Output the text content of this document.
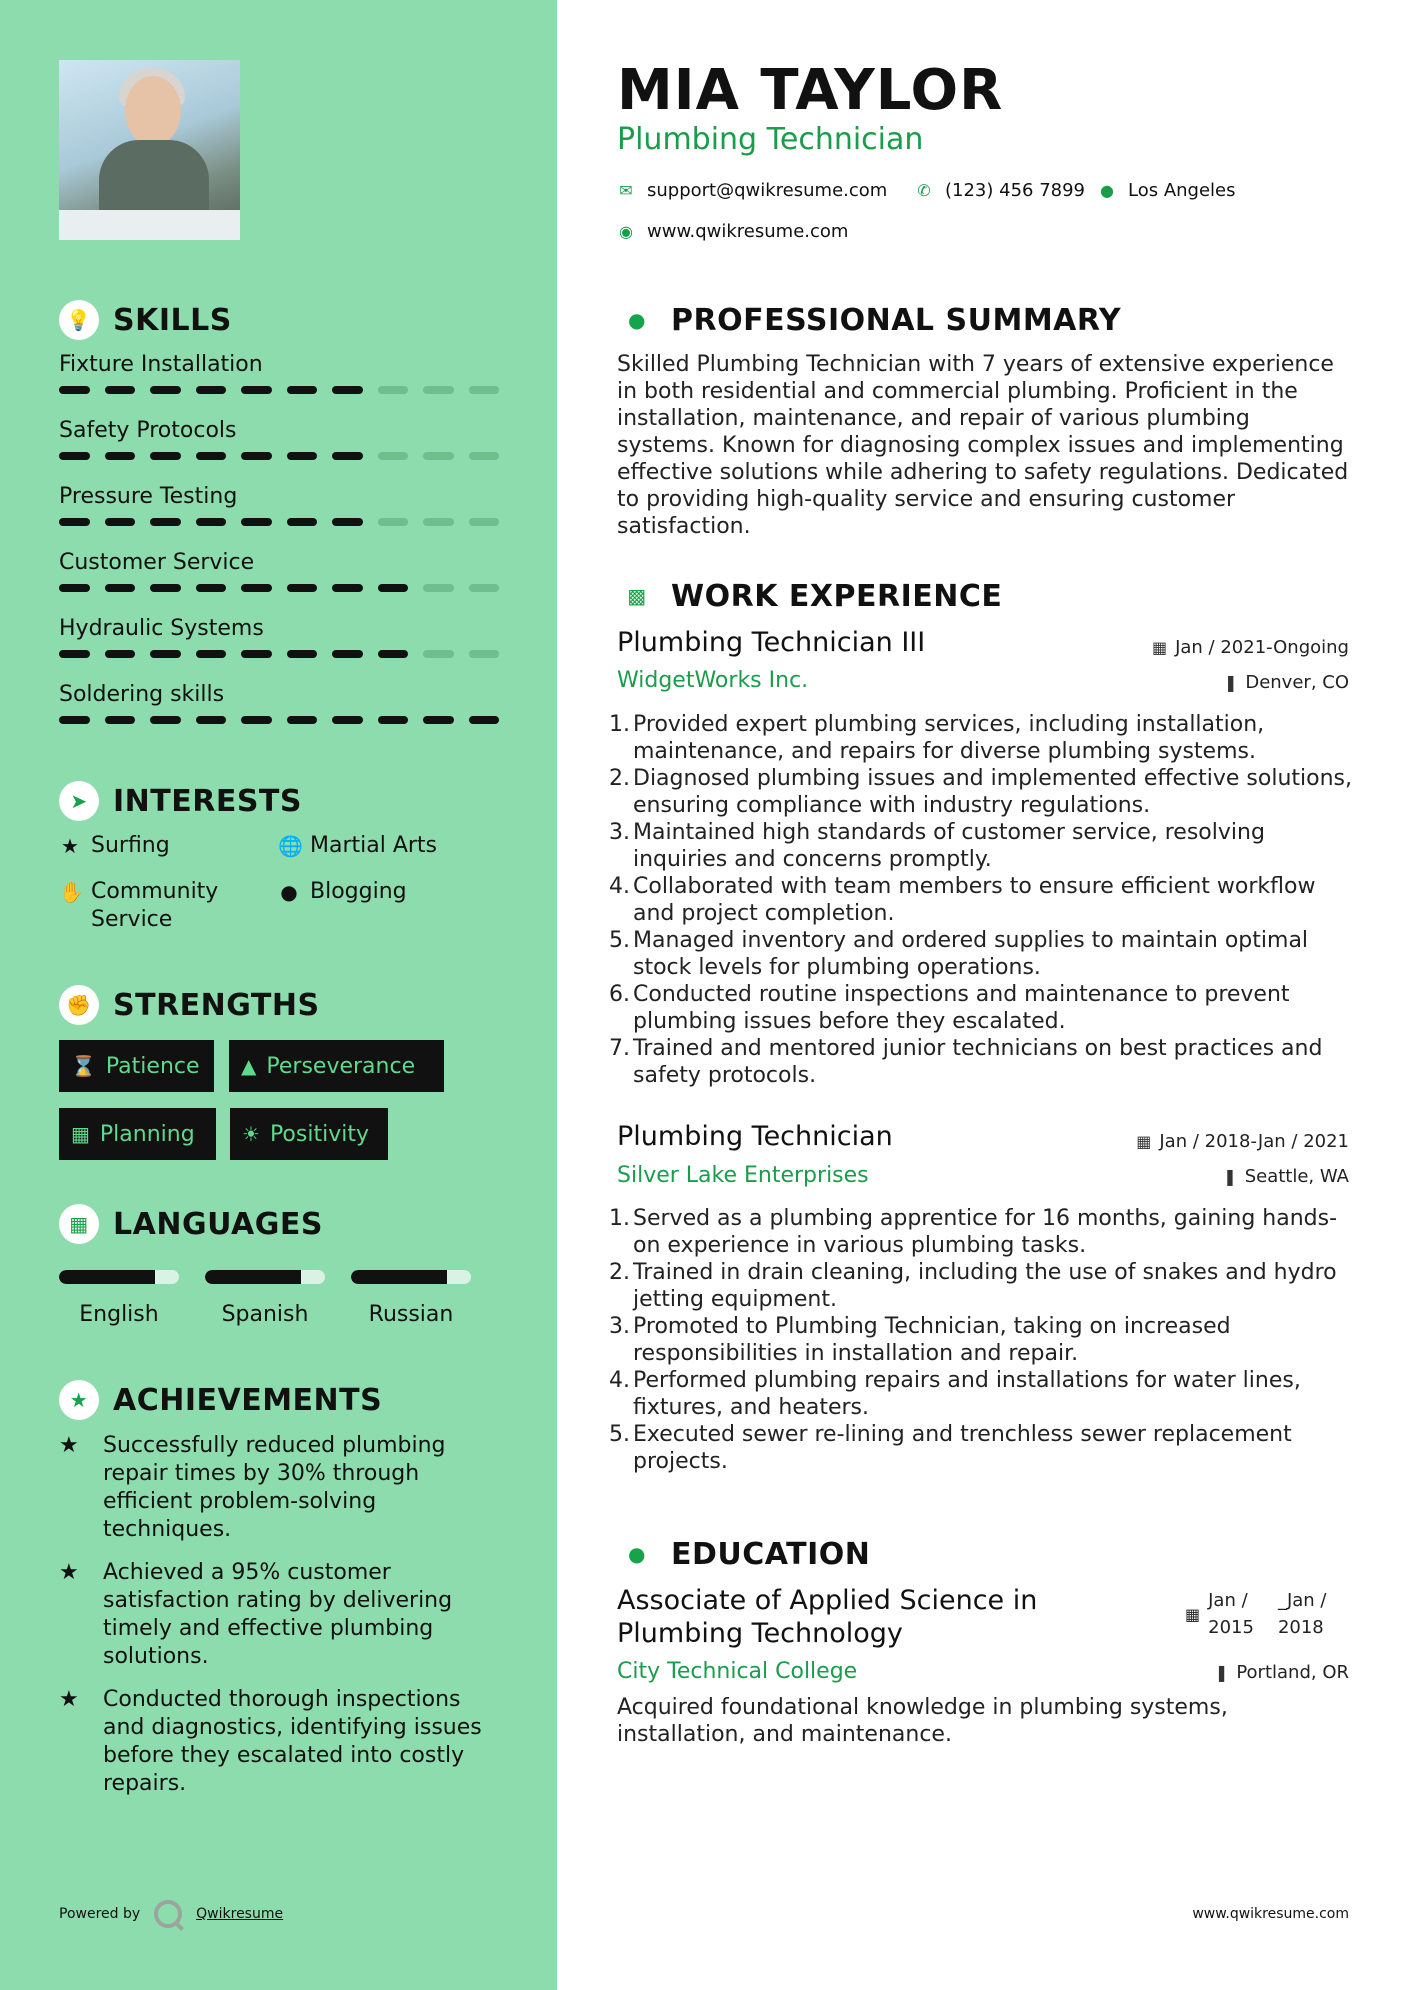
💡 SKILLS
Fixture Installation
Safety Protocols
Pressure Testing
Customer Service
Hydraulic Systems
Soldering skills
➤ INTERESTS
★ Surfing	🌐 Martial Arts
✋ Community Service
● Blogging
✊ STRENGTHS
⌛ Patience ▲ Perseverance
▦ Planning ☀ Positivity
▦ LANGUAGES
English	Spanish	Russian
★ ACHIEVEMENTS
★	Successfully reduced plumbing repair times by 30% through efficient problem-solving techniques.
★	Achieved a 95% customer satisfaction rating by delivering timely and effective plumbing solutions.
★	Conducted thorough inspections and diagnostics, identifying issues before they escalated into costly repairs.
Powered by	Qwikresume
MIA TAYLOR
Plumbing Technician
✉ support@qwikresume.com ✆ (123) 456 7899 ● Los Angeles
◉ www.qwikresume.com
● PROFESSIONAL SUMMARY
Skilled Plumbing Technician with 7 years of extensive experience in both residential and commercial plumbing. Proficient in the installation, maintenance, and repair of various plumbing systems. Known for diagnosing complex issues and implementing effective solutions while adhering to safety regulations. Dedicated to providing high-quality service and ensuring customer satisfaction.
▩ WORK EXPERIENCE
Plumbing Technician III	▦ Jan / 2021-Ongoing
WidgetWorks Inc.	❚ Denver, CO
1. Provided expert plumbing services, including installation, maintenance, and repairs for diverse plumbing systems.
2. Diagnosed plumbing issues and implemented effective solutions, ensuring compliance with industry regulations.
3. Maintained high standards of customer service, resolving inquiries and concerns promptly.
4. Collaborated with team members to ensure efficient workflow and project completion.
5. Managed inventory and ordered supplies to maintain optimal stock levels for plumbing operations.
6. Conducted routine inspections and maintenance to prevent plumbing issues before they escalated.
7. Trained and mentored junior technicians on best practices and safety protocols.
Plumbing Technician	▦ Jan / 2018-Jan / 2021
Silver Lake Enterprises	❚ Seattle, WA
1. Served as a plumbing apprentice for 16 months, gaining hands-on experience in various plumbing tasks.
2. Trained in drain cleaning, including the use of snakes and hydro jetting equipment.
3. Promoted to Plumbing Technician, taking on increased responsibilities in installation and repair.
4. Performed plumbing repairs and installations for water lines, fixtures, and heaters.
5. Executed sewer re-lining and trenchless sewer replacement projects.
● EDUCATION
Associate of Applied Science in
Plumbing Technology
▦
Jan /
2015
_Jan /
2018
City Technical College	❚ Portland, OR
Acquired foundational knowledge in plumbing systems, installation, and maintenance.
www.qwikresume.com
